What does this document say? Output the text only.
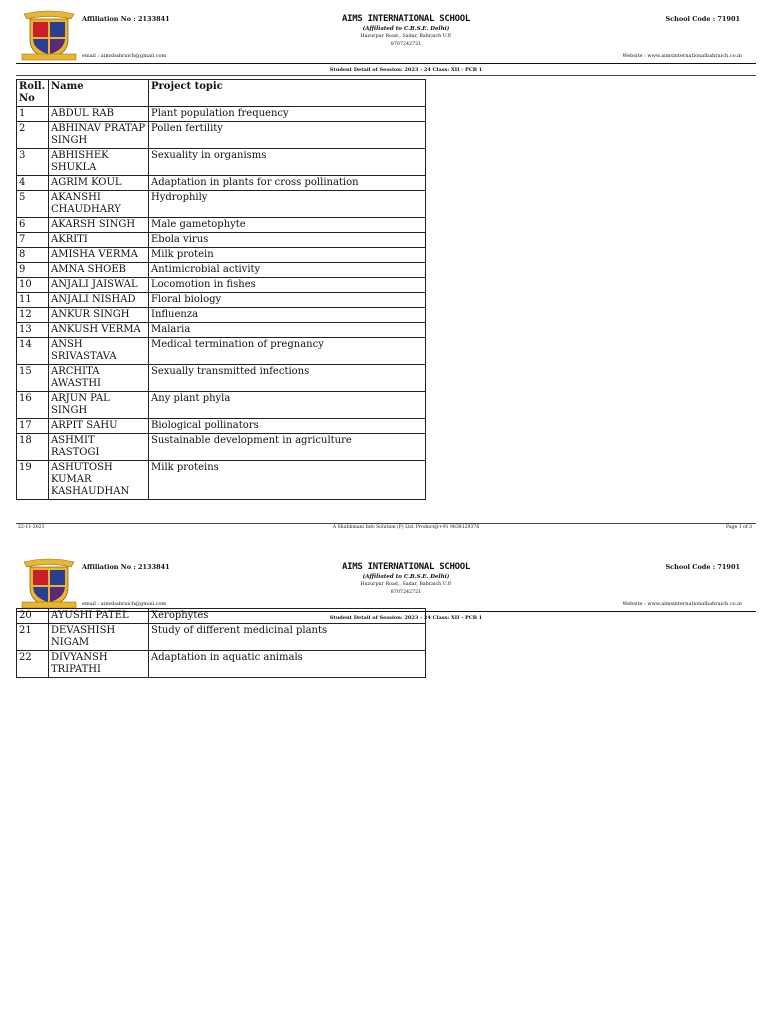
Affiliation No : 2133841
email : aimsbahraich@gmail.com
AIMS INTERNATIONAL SCHOOL
(Affiliated to C.B.S.E. Delhi)
Huzurpur Road,, Sadar, Bahraich U.P.
8707242721
School Code : 71901
Website : www.aimsinternationalbahraich.co.in
Student Detail of Session: 2023 - 24 Class: XII - PCB 1
Roll. No	Name	Project topic
1	ABDUL RAB	Plant population frequency
2	ABHINAV PRATAP SINGH	Pollen fertility
3	ABHISHEK SHUKLA	Sexuality in organisms
4	AGRIM KOUL	Adaptation in plants for cross pollination
5	AKANSHI CHAUDHARY	Hydrophily
6	AKARSH SINGH	Male gametophyte
7	AKRITI	Ebola virus
8	AMISHA VERMA	Milk protein
9	AMNA SHOEB	Antimicrobial activity
10	ANJALI JAISWAL	Locomotion in fishes
11	ANJALI NISHAD	Floral biology
12	ANKUR SINGH	Influenza
13	ANKUSH VERMA	Malaria
14	ANSH SRIVASTAVA	Medical termination of pregnancy
15	ARCHITA AWASTHI	Sexually transmitted infections
16	ARJUN PAL SINGH	Any plant phyla
17	ARPIT SAHU	Biological pollinators
18	ASHMIT RASTOGI	Sustainable development in agriculture
19	ASHUTOSH KUMAR KASHAUDHAN	Milk proteins
22-11-2023	A Shubhmani Info Solution (P) Ltd. Product@+91 9838129376	Page 1 of 3
Affiliation No : 2133841
email : aimsbahraich@gmail.com
AIMS INTERNATIONAL SCHOOL
(Affiliated to C.B.S.E. Delhi)
Huzurpur Road,, Sadar, Bahraich U.P.
8707242721
School Code : 71901
Website : www.aimsinternationalbahraich.co.in
Student Detail of Session: 2023 - 24 Class: XII - PCB 1
20	AYUSHI PATEL	Xerophytes
21	DEVASHISH NIGAM	Study of different medicinal plants
22	DIVYANSH TRIPATHI	Adaptation in aquatic animals
